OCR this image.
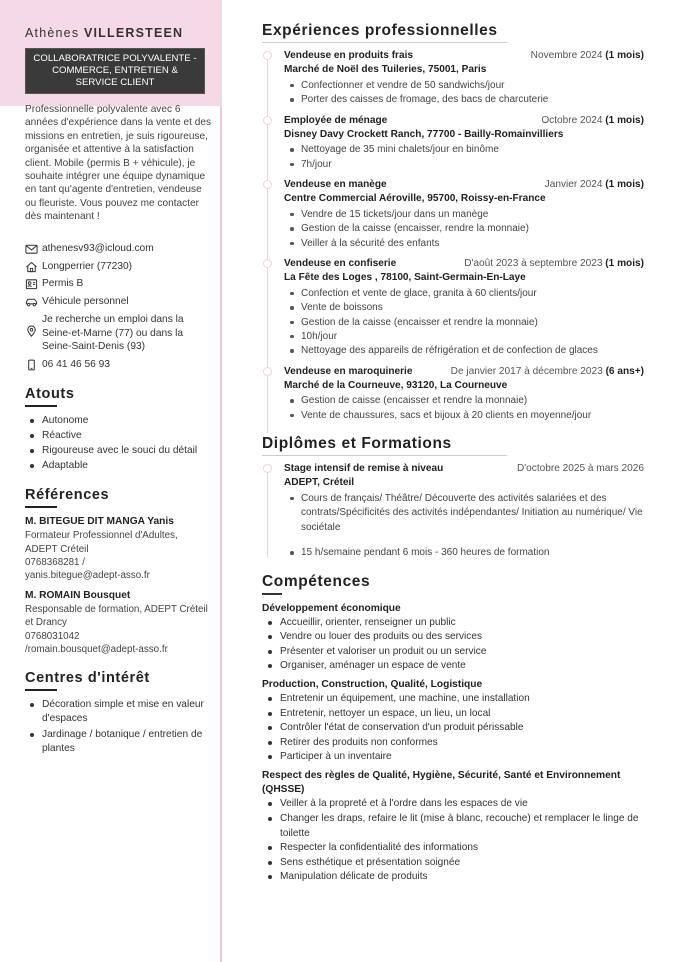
Athènes VILLERSTEEN
COLLABORATRICE POLYVALENTE - COMMERCE, ENTRETIEN & SERVICE CLIENT

Professionnelle polyvalente avec 6 années d'expérience dans la vente et des missions en entretien, je suis rigoureuse, organisée et attentive à la satisfaction client. Mobile (permis B + véhicule), je souhaite intégrer une équipe dynamique en tant qu'agente d'entretien, vendeuse ou fleuriste. Vous pouvez me contacter dès maintenant !

athenesv93@icloud.com
Longperrier (77230)
Permis B
Véhicule personnel
Je recherche un emploi dans la Seine-et-Marne (77) ou dans la Seine-Saint-Denis (93)
06 41 46 56 93
Atouts
Autonome
Réactive
Rigoureuse avec le souci du détail
Adaptable
Références
M. BITEGUE DIT MANGA Yanis
Formateur Professionnel d'Adultes, ADEPT Créteil
0768368281 /
yanis.bitegue@adept-asso.fr
M. ROMAIN Bousquet
Responsable de formation, ADEPT Créteil et Drancy
0768031042
/romain.bousquet@adept-asso.fr
Centres d'intérêt
Décoration simple et mise en valeur d'espaces
Jardinage / botanique / entretien de plantes
Expériences professionnelles
Vendeuse en produits frais	Novembre 2024 (1 mois)
Marché de Noël des Tuileries, 75001, Paris
Confectionner et vendre de 50 sandwichs/jour
Porter des caisses de fromage, des bacs de charcuterie
Employée de ménage	Octobre 2024 (1 mois)
Disney Davy Crockett Ranch, 77700 - Bailly-Romainvilliers
Nettoyage de 35 mini chalets/jour en binôme
7h/jour
Vendeuse en manège	Janvier 2024 (1 mois)
Centre Commercial Aéroville, 95700, Roissy-en-France
Vendre de 15 tickets/jour dans un manège
Gestion de la caisse (encaisser, rendre la monnaie)
Veiller à la sécurité des enfants
Vendeuse en confiserie	D'août 2023 à septembre 2023 (1 mois)
La Fête des Loges , 78100, Saint-Germain-En-Laye
Confection et vente de glace, granita à 60 clients/jour
Vente de boissons
Gestion de la caisse (encaisser et rendre la monnaie)
10h/jour
Nettoyage des appareils de réfrigération et de confection de glaces
Vendeuse en maroquinerie	De janvier 2017 à décembre 2023 (6 ans+)
Marché de la Courneuve, 93120, La Courneuve
Gestion de caisse (encaisser et rendre la monnaie)
Vente de chaussures, sacs et bijoux à 20 clients en moyenne/jour
Diplômes et Formations
Stage intensif de remise à niveau	D'octobre 2025 à mars 2026
ADEPT, Créteil
Cours de français/ Théâtre/ Découverte des activités salariées et des contrats/Spécificités des activités indépendantes/ Initiation au numérique/ Vie sociétale
15 h/semaine pendant 6 mois - 360 heures de formation
Compétences
Développement économique
Accueillir, orienter, renseigner un public
Vendre ou louer des produits ou des services
Présenter et valoriser un produit ou un service
Organiser, aménager un espace de vente
Production, Construction, Qualité, Logistique
Entretenir un équipement, une machine, une installation
Entretenir, nettoyer un espace, un lieu, un local
Contrôler l'état de conservation d'un produit périssable
Retirer des produits non conformes
Participer à un inventaire
Respect des règles de Qualité, Hygiène, Sécurité, Santé et Environnement (QHSSE)
Veiller à la propreté et à l'ordre dans les espaces de vie
Changer les draps, refaire le lit (mise à blanc, recouche) et remplacer le linge de toilette
Respecter la confidentialité des informations
Sens esthétique et présentation soignée
Manipulation délicate de produits
